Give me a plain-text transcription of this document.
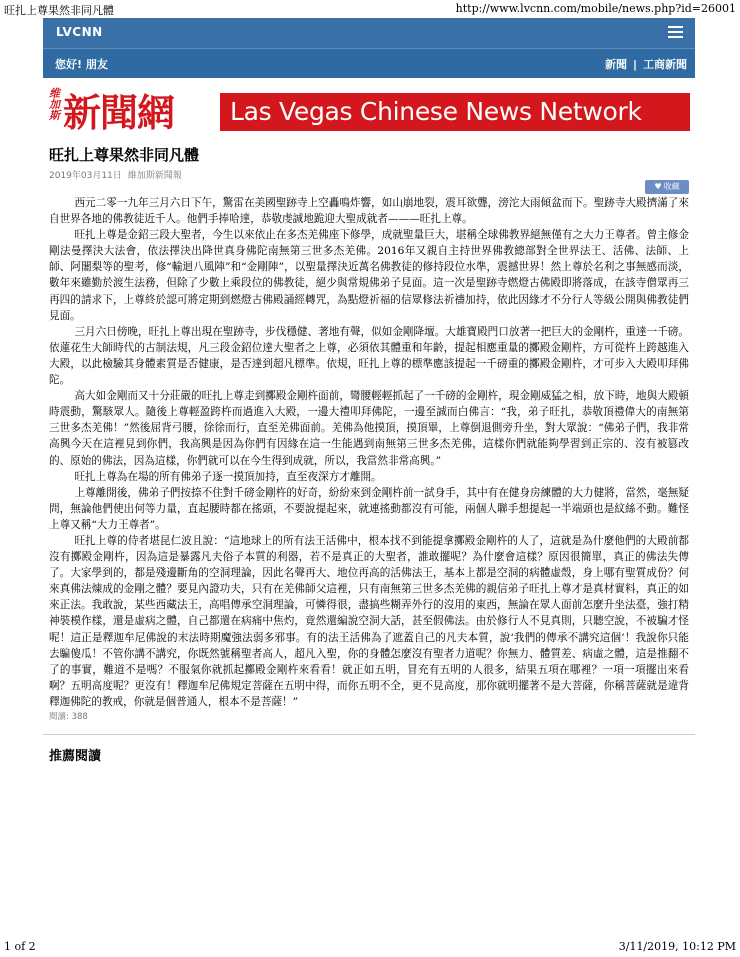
旺扎上尊果然非同凡體	http://www.lvcnn.com/mobile/news.php?id=26001
LVCNN
您好! 朋友	新聞 | 工商新聞
维加斯 新聞網 Las Vegas Chinese News Network
旺扎上尊果然非同凡體
2019年03月11日 維加斯新聞報
♥ 收藏

西元二零一九年三月六日下午，驚雷在美國聖跡寺上空轟鳴炸響，如山崩地裂，震耳欲聾，滂沱大雨傾盆而下。聖跡寺大殿擠滿了來自世界各地的佛教徒近千人。他們手捧哈達，恭敬虔誠地跪迎大聖成就者———旺扎上尊。

旺扎上尊是金鉊三段大聖者，今生以來依止在多杰羌佛座下修學，成就聖量巨大，堪稱全球佛教界絕無僅有之大力王尊者。曾主修金剛法曼擇決大法會，依法擇決出降世真身佛陀南無第三世多杰羌佛。2016年又親自主持世界佛教總部對全世界法王、活佛、法師、上師、阿闍梨等的聖考，修“輸迴八風陣”和“金剛陣”，以聖量擇決近萬名佛教徒的修持段位水準，震撼世界！然上尊於名利之事無感而淡，數年來雖勤於渡生法務，但除了少數上乘段位的佛教徒，絕少與常規佛弟子見面。這一次是聖跡寺燃燈古佛殿即將落成，在該寺僧眾再三再四的請求下，上尊終於認可將定期到燃燈古佛殿誦經轉咒，為點燈祈福的信眾修法祈禱加持，依此因緣才不分行人等級公開與佛教徒們見面。

三月六日傍晚，旺扎上尊出現在聖跡寺，步伐穩健、著地有聲，似如金剛降壇。大雄寶殿門口放著一把巨大的金剛杵，重達一千磅。依蓮花生大師時代的古制法規，凡三段金鉊位達大聖者之上尊，必須依其體重和年齡，提起相應重量的擲殿金剛杵，方可從杵上跨越進入大殿，以此檢驗其身體素質是否健康，是否達到超凡標準。依規，旺扎上尊的標準應該提起一千磅重的擲殿金剛杵，才可步入大殿叩拜佛陀。

高大如金剛而又十分莊嚴的旺扎上尊走到擲殿金剛杵面前，彎腰輕輕抓起了一千磅的金剛杵，現金剛威猛之相，放下時，地與大殿頓時震動，驚駭眾人。隨後上尊輕盈跨杵而過進入大殿，一邊大禮叩拜佛陀，一邊至誠而白佛言：“我，弟子旺扎，恭敬頂禮偉大的南無第三世多杰羌佛！”然後屈背弓腰，徐徐而行，直至羌佛面前。羌佛為他摸頂，摸頂畢，上尊倒退側旁升坐，對大眾說：“佛弟子們，我非常高興今天在這裡見到你們，我高興是因為你們有因緣在這一生能遇到南無第三世多杰羌佛，這樣你們就能夠學習到正宗的、沒有被篡改的、原始的佛法，因為這樣，你們就可以在今生得到成就，所以，我當然非常高興。”

旺扎上尊為在場的所有佛弟子逐一摸頂加持，直至夜深方才離開。

上尊離開後，佛弟子們按捺不住對千磅金剛杵的好奇，紛紛來到金剛杵前一試身手，其中有在健身房練體的大力健將，當然，毫無疑問，無論他們使出何等力量，直起腰時都在搖頭，不要說提起來，就連搖動都沒有可能，兩個人聯手想提起一半端頭也是紋絲不動。難怪上尊又稱“大力王尊者”。

旺扎上尊的侍者堪昆仁波且說：“這地球上的所有法王活佛中，根本找不到能提拿擲殿金剛杵的人了，這就是為什麼他們的大殿前都沒有擲殿金剛杵，因為這是暴露凡夫俗子本質的利器，若不是真正的大聖者，誰敢擺呢？為什麼會這樣？原因很簡單，真正的佛法失傳了。大家學到的，都是殘邊斷角的空洞理論，因此名聲再大、地位再高的活佛法王，基本上都是空洞的病體虛殼，身上哪有聖質成份？何來真佛法煉成的金剛之體？要見內證功夫，只有在羌佛師父這裡，只有南無第三世多杰羌佛的親信弟子旺扎上尊才是真材實料，真正的如來正法。我敢說，某些西藏法王，高唱傳承空洞理論，可憐得很，盡搞些糊弄外行的沒用的東西，無論在眾人面前怎麼升坐法臺，強打精神裝模作樣，還是虛病之體，自己都還在病痛中焦灼，竟然還編說空洞大話，甚至假佛法。由於修行人不見真則，只聽空說，不被騙才怪呢！這正是釋迦牟尼佛說的末法時期魔強法弱多邪事。有的法王活佛為了遮蓋自己的凡夫本質，說‘我們的傳承不講究這個’！我說你只能去騙傻瓜！不管你講不講究，你既然號稱聖者高人，超凡入聖，你的身體怎麼沒有聖者力道呢？你無力、體質差、病虛之體，這是推翻不了的事實，難道不是嗎？不服氣你就抓起擲殿金剛杵來看看！就正如五明，冒充有五明的人很多，結果五項在哪裡？一項一項擺出來看啊？五明高度呢？更沒有！釋迦牟尼佛規定菩薩在五明中得，而你五明不全，更不見高度，那你就明擺著不是大菩薩，你稱菩薩就是違背釋迦佛陀的教戒，你就是個普通人，根本不是菩薩！”

閱讀: 388
推薦閱讀
1 of 2	3/11/2019, 10:12 PM
